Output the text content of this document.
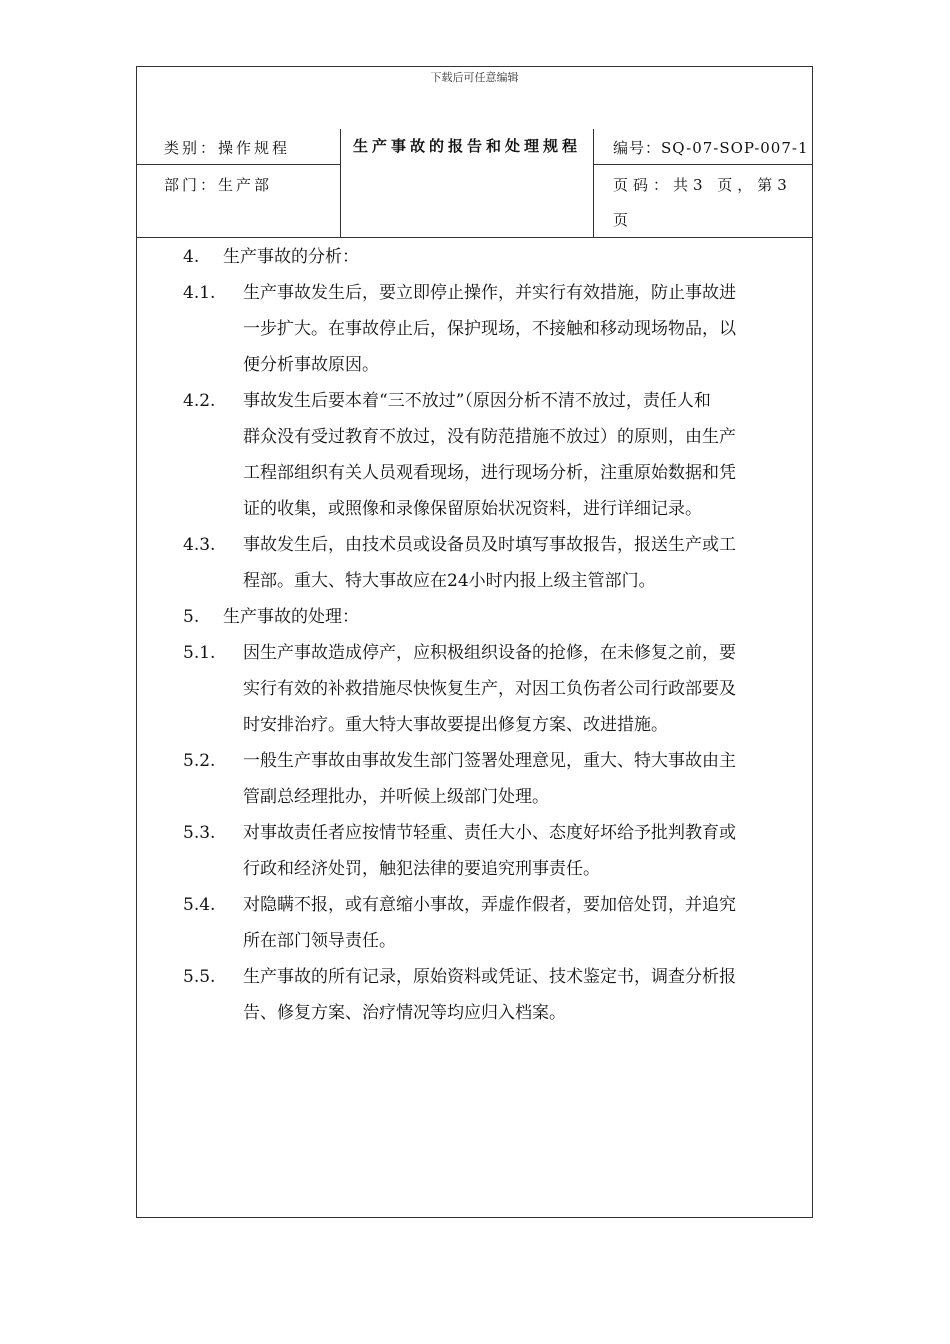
下载后可任意编辑
类别：操作规程
部门：生产部
生产事故的报告和处理规程	编号：SQ-07-SOP-007-1
页码：共3 页，第3
页
4. 生产事故的分析：
4.1. 生产事故发生后，要立即停止操作，并实行有效措施，防止事故进
一步扩大。在事故停止后，保护现场，不接触和移动现场物品，以
便分析事故原因。
4.2. 事故发生后要本着“三不放过”（原因分析不清不放过，责任人和
群众没有受过教育不放过，没有防范措施不放过）的原则，由生产
工程部组织有关人员观看现场，进行现场分析，注重原始数据和凭
证的收集，或照像和录像保留原始状况资料，进行详细记录。
4.3. 事故发生后，由技术员或设备员及时填写事故报告，报送生产或工
程部。重大、特大事故应在24小时内报上级主管部门。
5. 生产事故的处理：
5.1. 因生产事故造成停产，应积极组织设备的抢修，在未修复之前，要
实行有效的补救措施尽快恢复生产，对因工负伤者公司行政部要及
时安排治疗。重大特大事故要提出修复方案、改进措施。
5.2. 一般生产事故由事故发生部门签署处理意见，重大、特大事故由主
管副总经理批办，并听候上级部门处理。
5.3. 对事故责任者应按情节轻重、责任大小、态度好坏给予批判教育或
行政和经济处罚，触犯法律的要追究刑事责任。
5.4. 对隐瞒不报，或有意缩小事故，弄虚作假者，要加倍处罚，并追究
所在部门领导责任。
5.5. 生产事故的所有记录，原始资料或凭证、技术鉴定书，调查分析报
告、修复方案、治疗情况等均应归入档案。
